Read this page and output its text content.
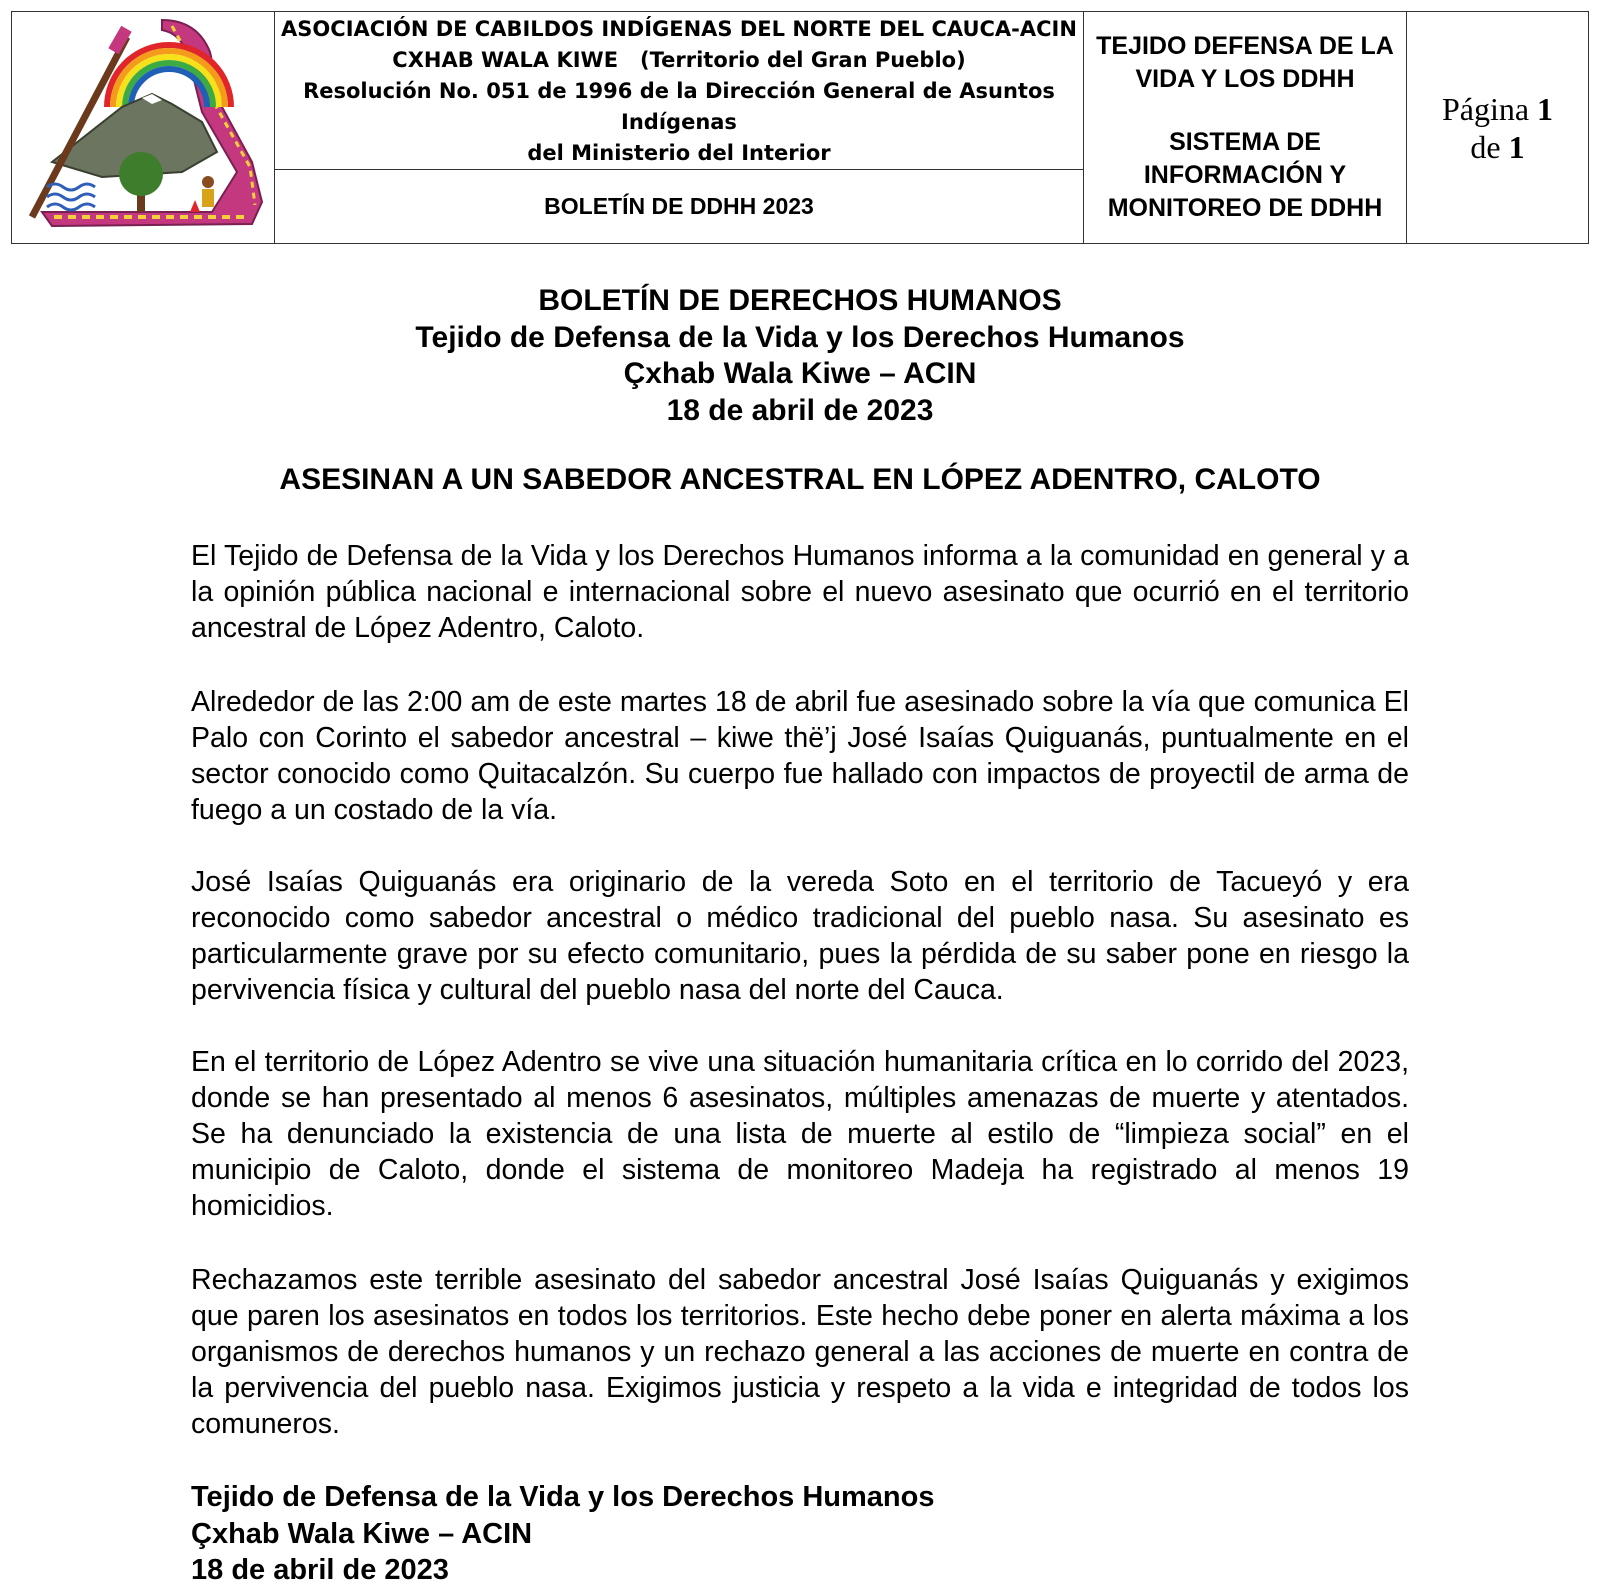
ASOCIACIÓN DE CABILDOS INDÍGENAS DEL NORTE DEL CAUCA-ACIN
CXHAB WALA KIWE   (Territorio del Gran Pueblo)
Resolución No. 051 de 1996 de la Dirección General de Asuntos Indígenas
del Ministerio del Interior

TEJIDO DEFENSA DE LA
VIDA Y LOS DDHH
SISTEMA DE
INFORMACIÓN Y
MONITOREO DE DDHH

Página 1
de 1

BOLETÍN DE DDHH 2023
BOLETÍN DE DERECHOS HUMANOS
Tejido de Defensa de la Vida y los Derechos Humanos
Çxhab Wala Kiwe – ACIN
18 de abril de 2023
ASESINAN A UN SABEDOR ANCESTRAL EN LÓPEZ ADENTRO, CALOTO

El Tejido de Defensa de la Vida y los Derechos Humanos informa a la comunidad en general y a la opinión pública nacional e internacional sobre el nuevo asesinato que ocurrió en el territorio ancestral de López Adentro, Caloto.

Alrededor de las 2:00 am de este martes 18 de abril fue asesinado sobre la vía que comunica El Palo con Corinto el sabedor ancestral – kiwe thë’j José Isaías Quiguanás, puntualmente en el sector conocido como Quitacalzón. Su cuerpo fue hallado con impactos de proyectil de arma de fuego a un costado de la vía.

José Isaías Quiguanás era originario de la vereda Soto en el territorio de Tacueyó y era reconocido como sabedor ancestral o médico tradicional del pueblo nasa. Su asesinato es particularmente grave por su efecto comunitario, pues la pérdida de su saber pone en riesgo la pervivencia física y cultural del pueblo nasa del norte del Cauca.

En el territorio de López Adentro se vive una situación humanitaria crítica en lo corrido del 2023, donde se han presentado al menos 6 asesinatos, múltiples amenazas de muerte y atentados. Se ha denunciado la existencia de una lista de muerte al estilo de “limpieza social” en el municipio de Caloto, donde el sistema de monitoreo Madeja ha registrado al menos 19 homicidios.

Rechazamos este terrible asesinato del sabedor ancestral José Isaías Quiguanás y exigimos que paren los asesinatos en todos los territorios. Este hecho debe poner en alerta máxima a los organismos de derechos humanos y un rechazo general a las acciones de muerte en contra de la pervivencia del pueblo nasa. Exigimos justicia y respeto a la vida e integridad de todos los comuneros.

Tejido de Defensa de la Vida y los Derechos Humanos
Çxhab Wala Kiwe – ACIN
18 de abril de 2023
